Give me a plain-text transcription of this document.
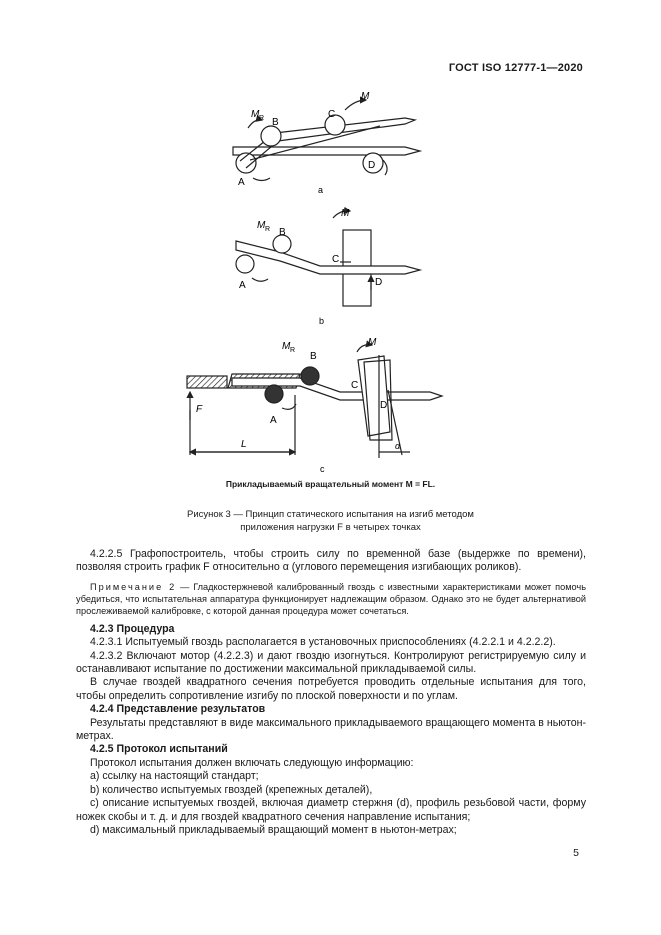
ГОСТ ISO 12777-1—2020
M R B
C
M
A
D
a
M R B
M
C
A	D
b
M R
B
M
C
F
A
D
L	α
c
Прикладываемый вращательный момент M = FL.
Рисунок 3 — Принцип статического испытания на изгиб методом
приложения нагрузки F в четырех точках

4.2.2.5 Графопостроитель, чтобы строить силу по временной базе (выдержке по времени), позволяя строить график F относительно α (углового перемещения изгибающих роликов).

Примечание 2 — Гладкостержневой калиброванный гвоздь с известными характеристиками может помочь убедиться, что испытательная аппаратура функционирует надлежащим образом. Однако это не будет альтернативой прослеживаемой калибровке, с которой данная процедура может сочетаться.

4.2.3 Процедура

4.2.3.1 Испытуемый гвоздь располагается в установочных приспособлениях (4.2.2.1 и 4.2.2.2).

4.2.3.2 Включают мотор (4.2.2.3) и дают гвоздю изогнуться. Контролируют регистрируемую силу и останавливают испытание по достижении максимальной прикладываемой силы.

В случае гвоздей квадратного сечения потребуется проводить отдельные испытания для того, чтобы определить сопротивление изгибу по плоской поверхности и по углам.

4.2.4 Представление результатов

Результаты представляют в виде максимального прикладываемого вращающего момента в ньютон-метрах.

4.2.5 Протокол испытаний

Протокол испытания должен включать следующую информацию:

a) ссылку на настоящий стандарт;

b) количество испытуемых гвоздей (крепежных деталей),

c) описание испытуемых гвоздей, включая диаметр стержня (d), профиль резьбовой части, форму ножек скобы и т. д. и для гвоздей квадратного сечения направление испытания;

d) максимальный прикладываемый вращающий момент в ньютон-метрах;

5
